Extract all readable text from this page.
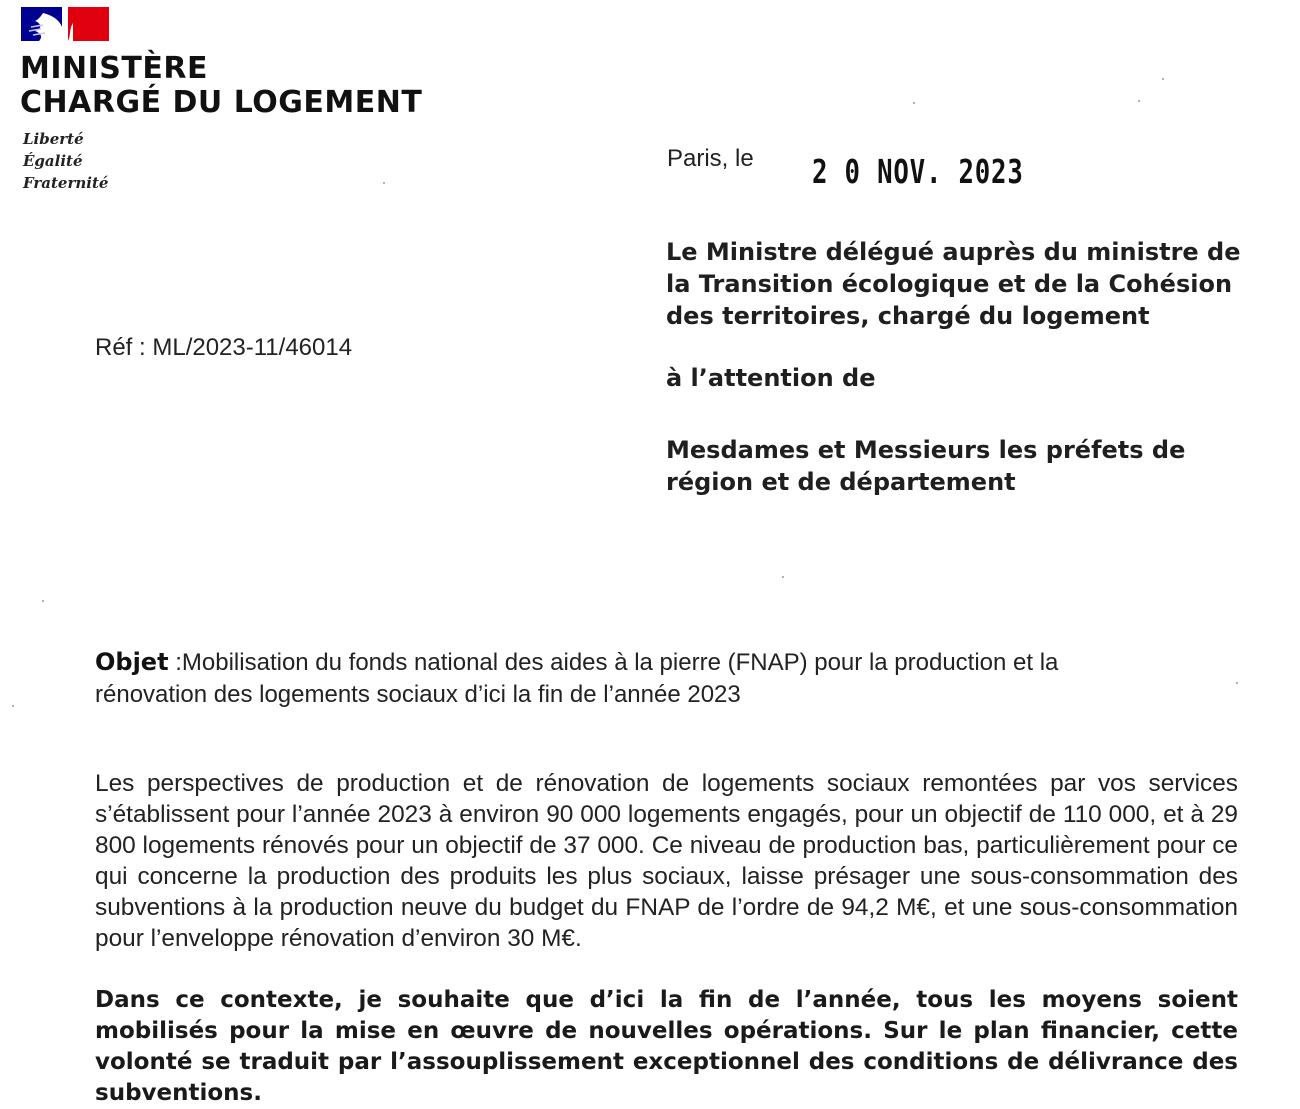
MINISTÈRE
CHARGÉ DU LOGEMENT
Liberté
Égalité
Fraternité
Paris, le 2 0 NOV. 2023
Réf : ML/2023-11/46014
Le Ministre délégué auprès du ministre de la Transition écologique et de la Cohésion des territoires, chargé du logement
à l’attention de
Mesdames et Messieurs les préfets de région et de département
Objet :Mobilisation du fonds national des aides à la pierre (FNAP) pour la production et la rénovation des logements sociaux d’ici la fin de l’année 2023
Les perspectives de production et de rénovation de logements sociaux remontées par vos services s’établissent pour l’année 2023 à environ 90 000 logements engagés, pour un objectif de 110 000, et à 29 800 logements rénovés pour un objectif de 37 000. Ce niveau de production bas, particulièrement pour ce qui concerne la production des produits les plus sociaux, laisse présager une sous-consommation des subventions à la production neuve du budget du FNAP de l’ordre de 94,2 M€, et une sous-consommation pour l’enveloppe rénovation d’environ 30 M€.
Dans ce contexte, je souhaite que d’ici la fin de l’année, tous les moyens soient mobilisés pour la mise en œuvre de nouvelles opérations. Sur le plan financier, cette volonté se traduit par l’assouplissement exceptionnel des conditions de délivrance des subventions.
